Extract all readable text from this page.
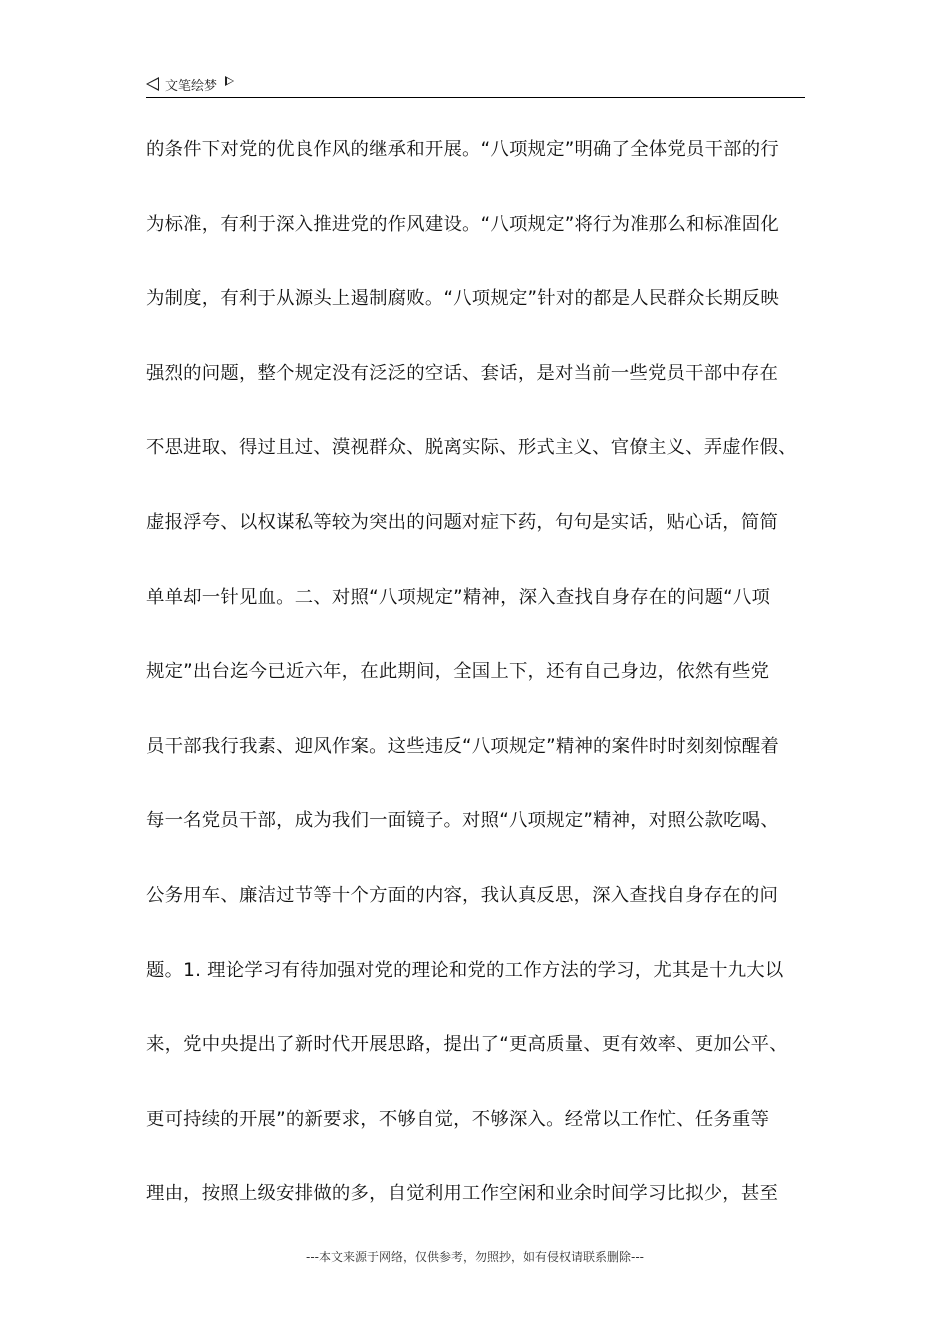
文笔绘梦
的条件下对党的优良作风的继承和开展。“八项规定”明确了全体党员干部的行
为标准，有利于深入推进党的作风建设。“八项规定”将行为准那么和标准固化
为制度，有利于从源头上遏制腐败。“八项规定”针对的都是人民群众长期反映
强烈的问题，整个规定没有泛泛的空话、套话，是对当前一些党员干部中存在
不思进取、得过且过、漠视群众、脱离实际、形式主义、官僚主义、弄虚作假、
虚报浮夸、以权谋私等较为突出的问题对症下药，句句是实话，贴心话，简简
单单却一针见血。二、对照“八项规定”精神，深入查找自身存在的问题“八项
规定”出台迄今已近六年，在此期间，全国上下，还有自己身边，依然有些党
员干部我行我素、迎风作案。这些违反“八项规定”精神的案件时时刻刻惊醒着
每一名党员干部，成为我们一面镜子。对照“八项规定”精神，对照公款吃喝、
公务用车、廉洁过节等十个方面的内容，我认真反思，深入查找自身存在的问
题。1. 理论学习有待加强对党的理论和党的工作方法的学习，尤其是十九大以
来，党中央提出了新时代开展思路，提出了“更高质量、更有效率、更加公平、
更可持续的开展”的新要求，不够自觉，不够深入。经常以工作忙、任务重等
理由，按照上级安排做的多，自觉利用工作空闲和业余时间学习比拟少，甚至
---本文来源于网络，仅供参考，勿照抄，如有侵权请联系删除---
